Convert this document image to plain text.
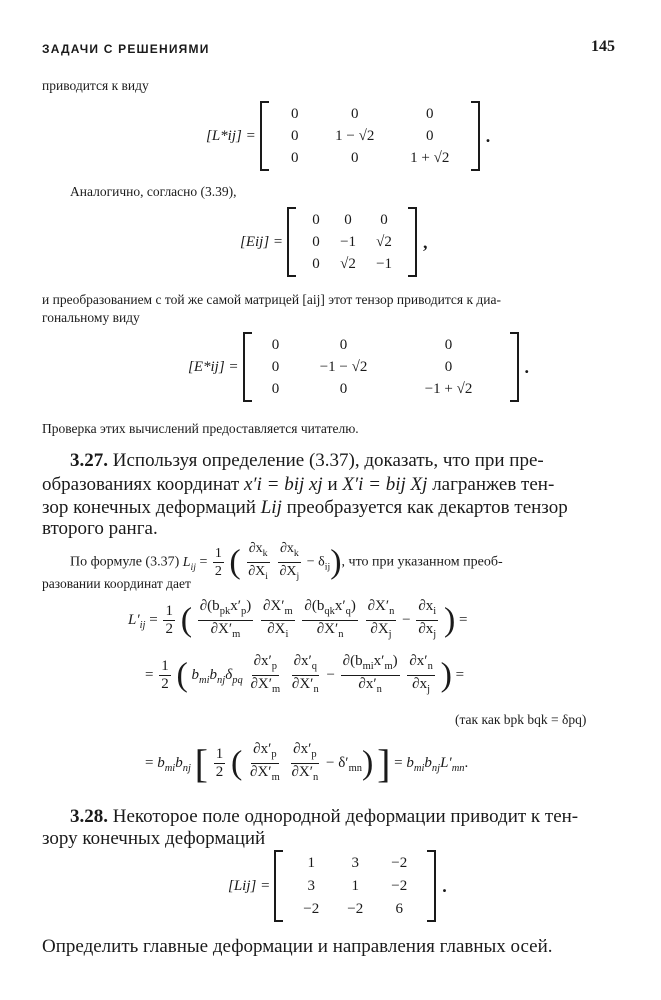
ЗАДАЧИ С РЕШЕНИЯМИ	145
приводится к виду
[L*ij] =
0	0	0
0	1 − √2	0
0	0	1 + √2
.
Аналогично, согласно (3.39),
[Eij] =
0	0	0
0	−1	√2
0	√2	−1
,
и преобразованием с той же самой матрицей [aij] этот тензор приводится к диа-
гональному виду
[E*ij] =
0	0	0
0	−1 − √2	0
0	0	−1 + √2
.
Проверка этих вычислений предоставляется читателю.
3.27. Используя определение (3.37), доказать, что при пре-
образованиях координат x′i = bij xj и X′i = bij Xj лагранжев тен-
зор конечных деформаций Lij преобразуется как декартов тензор
второго ранга.
По формуле (3.37) $L_{ij} = \frac{1}{2}$ ( $\frac{\partial x_k}{\partial X_i}$
$\frac{\partial x_k}{\partial X_j} - \delta_{ij}$), что при указанном преоб-
разовании координат дает
$L'_{ij} = \frac{1}{2}$ ( $\frac{\partial(b_{pk}x'_p)}{\partial X'_m}$
$\frac{\partial X'_m}{\partial X_i}$
$\frac{\partial(b_{qk}x'_q)}{\partial X'_n}$
$\frac{\partial X'_n}{\partial X_j} - \frac{\partial x_i}{\partial x_j}$ ) =
= $\frac{1}{2}$ ( $b_{mi}b_{nj}\delta_{pq} \frac{\partial x'_p}{\partial X'_m}$
$\frac{\partial x'_q}{\partial X'_n} - \frac{\partial(b_{mi}x'_m)}{\partial x'_n}$
$\frac{\partial x'_n}{\partial x_j}$ ) =
(так как bpk bqk = δpq)
= $b_{mi}b_{nj}$ [ $\frac{1}{2}$ ( $\frac{\partial x'_p}{\partial X'_m}$
$\frac{\partial x'_p}{\partial X'_n} - \delta'_{mn}$) ] = $b_{mi}b_{nj}L'_{mn}$.
3.28. Некоторое поле однородной деформации приводит к тен-
зору конечных деформаций
[Lij] =
1	3	−2
3	1	−2
−2	−2	6
.
Определить главные деформации и направления главных осей.
